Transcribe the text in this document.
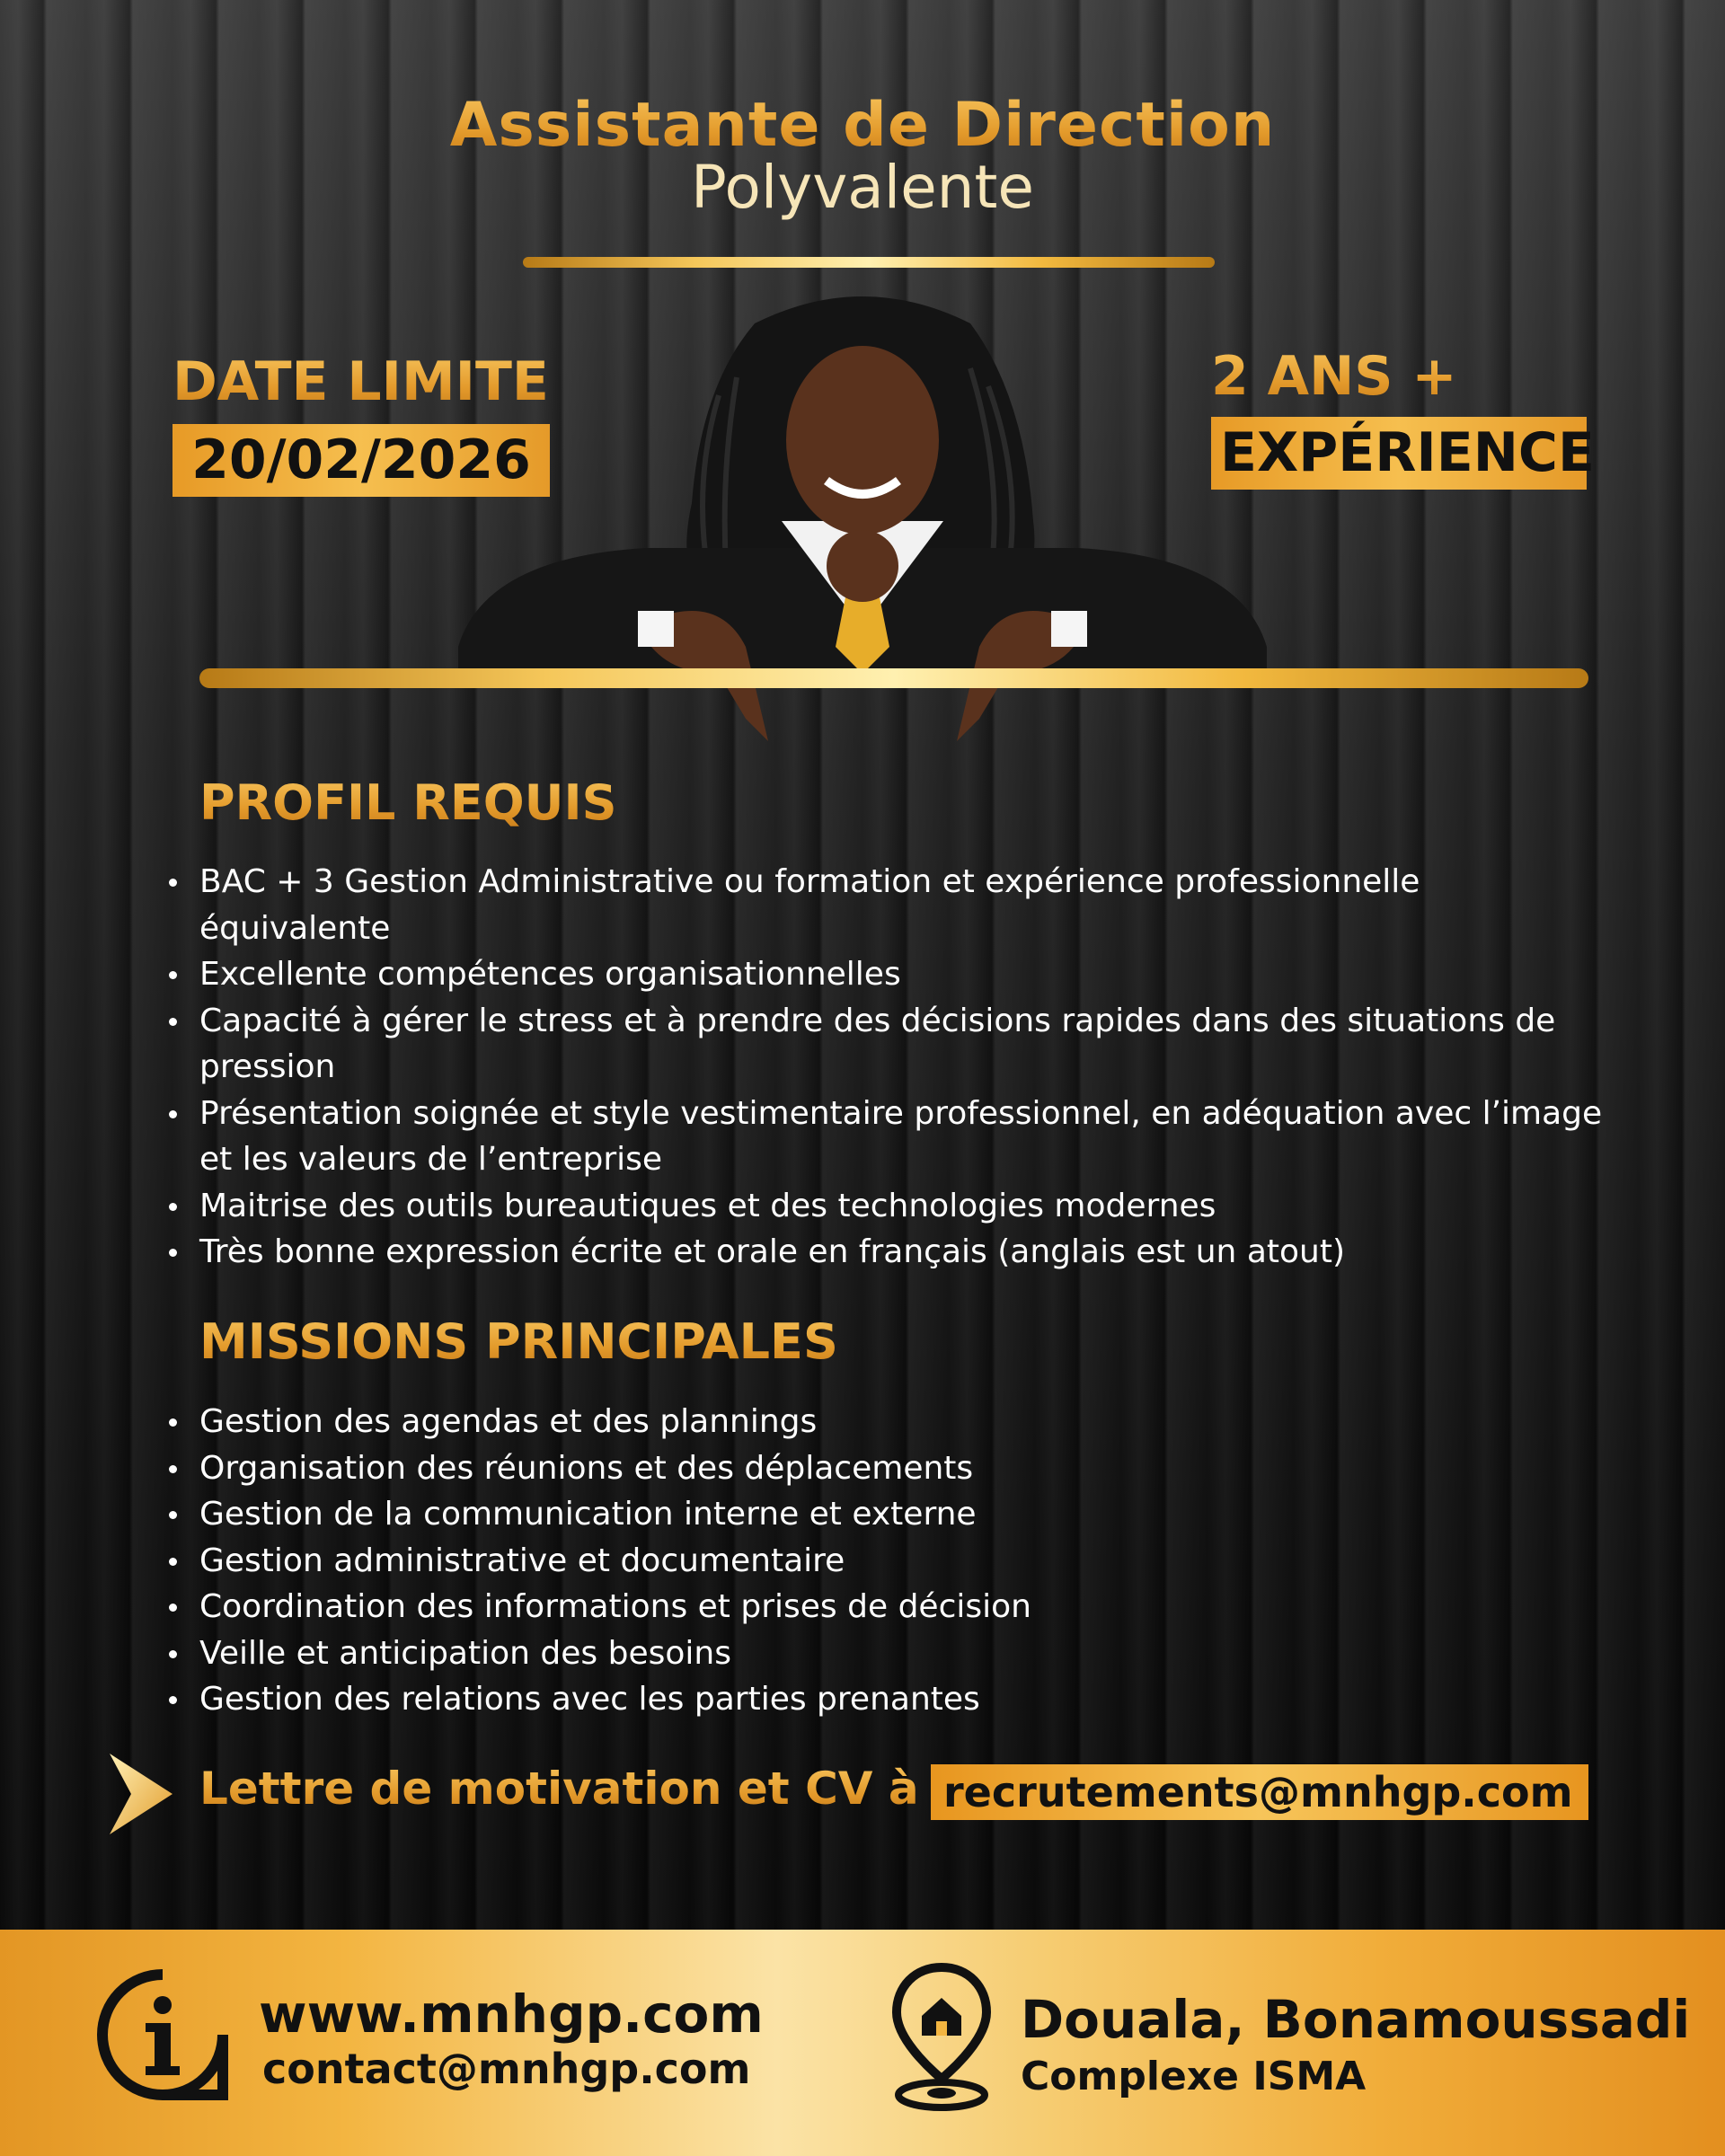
Assistante de Direction
Polyvalente
DATE LIMITE
20/02/2026
2 ANS +
EXPÉRIENCE
PROFIL REQUIS
BAC + 3 Gestion Administrative ou formation et expérience professionnelle équivalente
Excellente compétences organisationnelles
Capacité à gérer le stress et à prendre des décisions rapides dans des situations de pression
Présentation soignée et style vestimentaire professionnel, en adéquation avec l’image et les valeurs de l’entreprise
Maitrise des outils bureautiques et des technologies modernes
Très bonne expression écrite et orale en français (anglais est un atout)
MISSIONS PRINCIPALES
Gestion des agendas et des plannings
Organisation des réunions et des déplacements
Gestion de la communication interne et externe
Gestion administrative et documentaire
Coordination des informations et prises de décision
Veille et anticipation des besoins
Gestion des relations avec les parties prenantes
Lettre de motivation et CV à recrutements@mnhgp.com
www.mnhgp.com
contact@mnhgp.com
Douala, Bonamoussadi
Complexe ISMA
